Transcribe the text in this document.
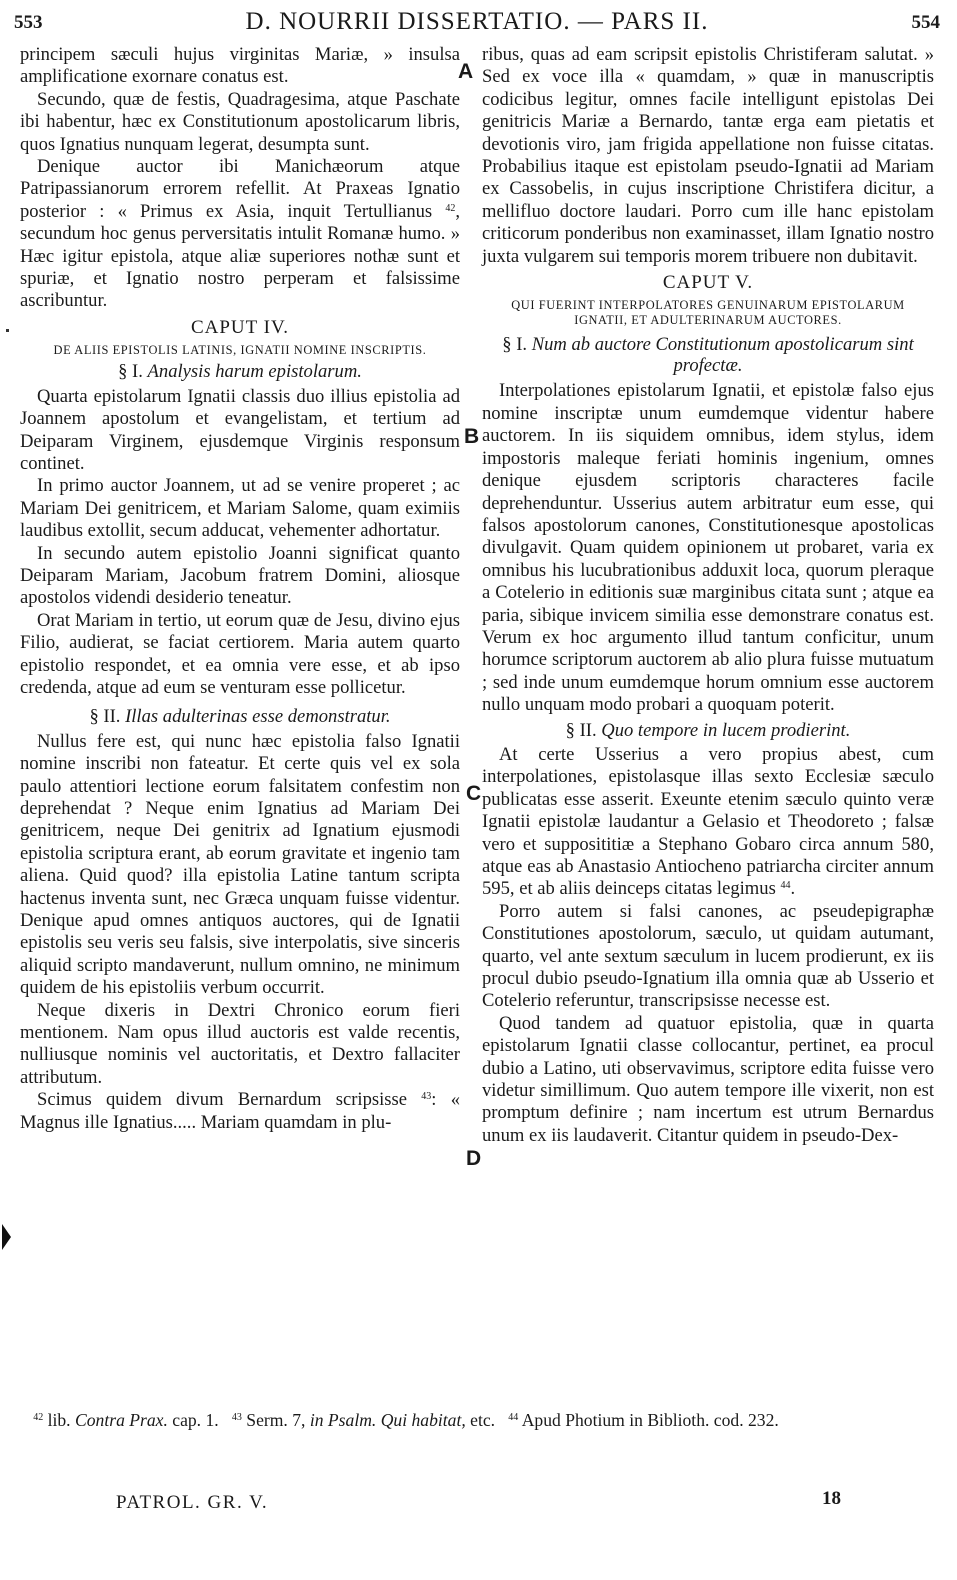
553	D. NOURRII DISSERTATIO. — PARS II.	554
A
B
C
D

principem sæculi hujus virginitas Mariæ, » insulsa amplificatione exornare conatus est.

Secundo, quæ de festis, Quadragesima, atque Paschate ibi habentur, hæc ex Constitutionum apostolicarum libris, quos Ignatius nunquam legerat, desumpta sunt.

Denique auctor ibi Manichæorum atque Patripassianorum errorem refellit. At Praxeas Ignatio posterior : « Primus ex Asia, inquit Tertullianus $^{42}$, secundum hoc genus perversitatis intulit Romanæ humo. » Hæc igitur epistola, atque aliæ superiores nothæ sunt et spuriæ, et Ignatio nostro perperam et falsissime ascribuntur.

CAPUT IV.
DE ALIIS EPISTOLIS LATINIS, IGNATII NOMINE INSCRIPTIS.
§ I. Analysis harum epistolarum.

Quarta epistolarum Ignatii classis duo illius epistolia ad Joannem apostolum et evangelistam, et tertium ad Deiparam Virginem, ejusdemque Virginis responsum continet.

In primo auctor Joannem, ut ad se venire properet ; ac Mariam Dei genitricem, et Mariam Salome, quam eximiis laudibus extollit, secum adducat, vehementer adhortatur.

In secundo autem epistolio Joanni significat quanto Deiparam Mariam, Jacobum fratrem Domini, aliosque apostolos videndi desiderio teneatur.

Orat Mariam in tertio, ut eorum quæ de Jesu, divino ejus Filio, audierat, se faciat certiorem. Maria autem quarto epistolio respondet, et ea omnia vere esse, et ab ipso credenda, atque ad eum se venturam esse pollicetur.

§ II. Illas adulterinas esse demonstratur.

Nullus fere est, qui nunc hæc epistolia falso Ignatii nomine inscribi non fateatur. Et certe quis vel ex sola paulo attentiori lectione eorum falsitatem confestim non deprehendat ? Neque enim Ignatius ad Mariam Dei genitricem, neque Dei genitrix ad Ignatium ejusmodi epistolia scriptura erant, ab eorum gravitate et ingenio tam aliena. Quid quod? illa epistolia Latine tantum scripta hactenus inventa sunt, nec Græca unquam fuisse videntur. Denique apud omnes antiquos auctores, qui de Ignatii epistolis seu veris seu falsis, sive interpolatis, sive sinceris aliquid scripto mandaverunt, nullum omnino, ne minimum quidem de his epistoliis verbum occurrit.

Neque dixeris in Dextri Chronico eorum fieri mentionem. Nam opus illud auctoris est valde recentis, nulliusque nominis vel auctoritatis, et Dextro fallaciter attributum.

Scimus quidem divum Bernardum scripsisse $^{43}$: « Magnus ille Ignatius..... Mariam quamdam in plu-

ribus, quas ad eam scripsit epistolis Christiferam salutat. » Sed ex voce illa « quamdam, » quæ in manuscriptis codicibus legitur, omnes facile intelligunt epistolas Dei genitricis Mariæ a Bernardo, tantæ erga eam pietatis et devotionis viro, jam frigida appellatione non fuisse citatas. Probabilius itaque est epistolam pseudo-Ignatii ad Mariam ex Cassobelis, in cujus inscriptione Christifera dicitur, a mellifluo doctore laudari. Porro cum ille hanc epistolam criticorum ponderibus non examinasset, illam Ignatio nostro juxta vulgarem sui temporis morem tribuere non dubitavit.

CAPUT V.
QUI FUERINT INTERPOLATORES GENUINARUM EPISTOLARUM IGNATII, ET ADULTERINARUM AUCTORES.
§ I. Num ab auctore Constitutionum apostolicarum sint profectæ.

Interpolationes epistolarum Ignatii, et epistolæ falso ejus nomine inscriptæ unum eumdemque videntur habere auctorem. In iis siquidem omnibus, idem stylus, idem impostoris maleque feriati hominis ingenium, omnes denique ejusdem scriptoris characteres facile deprehenduntur. Usserius autem arbitratur eum esse, qui falsos apostolorum canones, Constitutionesque apostolicas divulgavit. Quam quidem opinionem ut probaret, varia ex omnibus his lucubrationibus adduxit loca, quorum pleraque a Cotelerio in editionis suæ marginibus citata sunt ; atque ea paria, sibique invicem similia esse demonstrare conatus est. Verum ex hoc argumento illud tantum conficitur, unum horumce scriptorum auctorem ab alio plura fuisse mutuatum ; sed inde unum eumdemque horum omnium esse auctorem nullo unquam modo probari a quoquam poterit.

§ II. Quo tempore in lucem prodierint.

At certe Usserius a vero propius abest, cum interpolationes, epistolasque illas sexto Ecclesiæ sæculo publicatas esse asserit. Exeunte etenim sæculo quinto veræ Ignatii epistolæ laudantur a Gelasio et Theodoreto ; falsæ vero et supposititiæ a Stephano Gobaro circa annum 580, atque eas ab Anastasio Antiocheno patriarcha circiter annum 595, et ab aliis deinceps citatas legimus $^{44}$.

Porro autem si falsi canones, ac pseudepigraphæ Constitutiones apostolorum, sæculo, ut quidam autumant, quarto, vel ante sextum sæculum in lucem prodierunt, ex iis procul dubio pseudo-Ignatium illa omnia quæ ab Usserio et Cotelerio referuntur, transcripsisse necesse est.

Quod tandem ad quatuor epistolia, quæ in quarta epistolarum Ignatii classe collocantur, pertinet, ea procul dubio a Latino, uti observavimus, scriptore edita fuisse vero videtur simillimum. Quo autem tempore ille vixerit, non est promptum definire ; nam incertum est utrum Bernardus unum ex iis laudaverit. Citantur quidem in pseudo-Dex-

$^{42}$ lib. Contra Prax. cap. 1. $^{43}$ Serm. 7, in Psalm. Qui habitat, etc. $^{44}$ Apud Photium in Biblioth. cod. 232.
PATROL. GR. V.	18
